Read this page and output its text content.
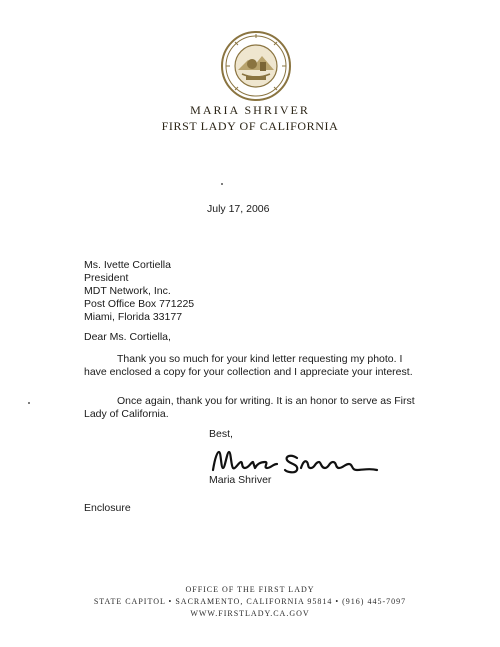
MARIA SHRIVER
FIRST LADY OF CALIFORNIA
July 17, 2006
Ms. Ivette Cortiella
President
MDT Network, Inc.
Post Office Box 771225
Miami, Florida 33177
Dear Ms. Cortiella,
Thank you so much for your kind letter requesting my photo. I
have enclosed a copy for your collection and I appreciate your interest.
Once again, thank you for writing. It is an honor to serve as First
Lady of California.
Best,
Maria Shriver
Enclosure
OFFICE OF THE FIRST LADY
STATE CAPITOL • SACRAMENTO, CALIFORNIA 95814 • (916) 445-7097
WWW.FIRSTLADY.CA.GOV
